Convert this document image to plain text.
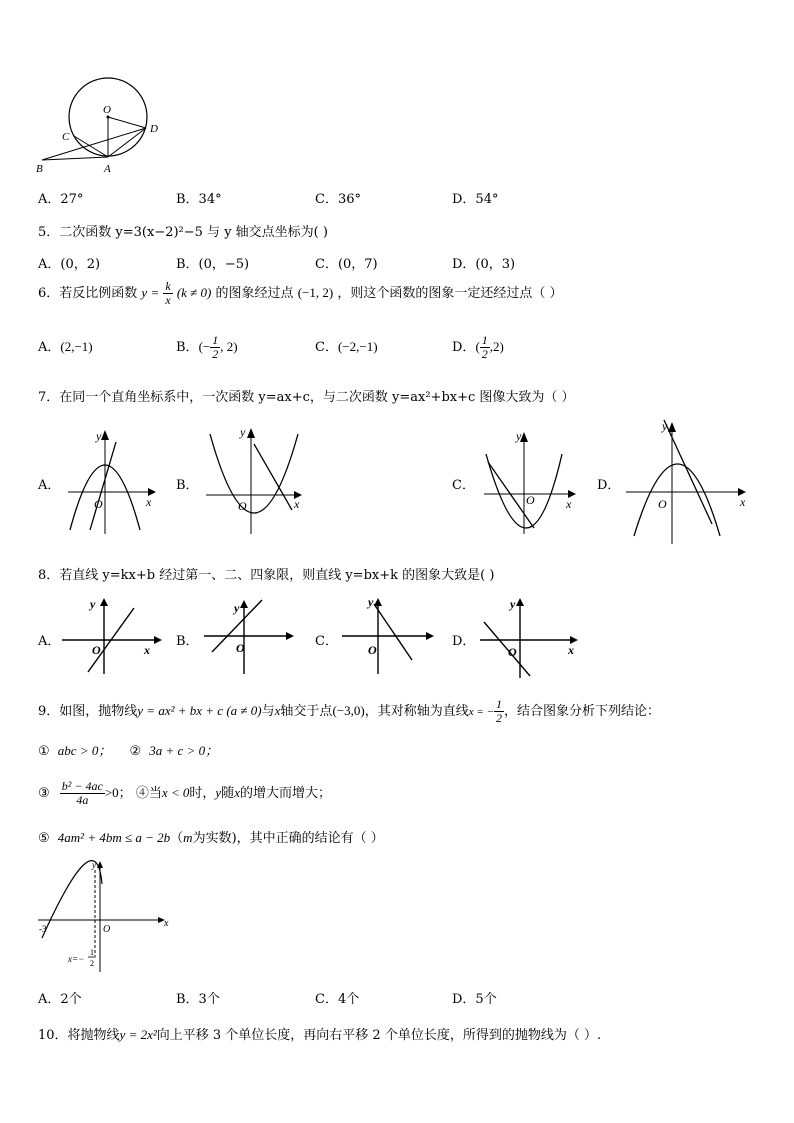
O
C
D
B	A
A．27°	B．34°	C．36°	D．54°
5．二次函数 y=3(x−2)²−5 与 y 轴交点坐标为( )
A．(0，2)	B．(0，−5)	C．(0，7)	D．(0，3)
6．若反比例函数 $y = \frac{k}{x} (k \ne 0)$ 的图象经过点 (−1, 2) ，则这个函数的图象一定还经过点（ ）
A．(2,−1)	B．(− $\frac{1}{2}$ , 2)	C．(−2,−1)	D．( $\frac{1}{2} ,2$)
7．在同一个直角坐标系中，一次函数 y=ax+c，与二次函数 y=ax²+bx+c 图像大致为（ ）
A．
y
x
O
B．
y
x
O
C．
y
x
O
D．
y
x
O
8．若直线 y=kx+b 经过第一、二、四象限，则直线 y=bx+k 的图象大致是( )
A．
y
x
O
B．
y
O	C．
y
O
D．
y
x
O
9．如图，抛物线y = ax² + bx + c (a ≠ 0)与x轴交于点(−3,0)，其对称轴为直线x = − $\frac{1}{2}$ ，结合图象分析下列结论：
① abc > 0； ② 3a + c > 0；
③ $\frac{\text{b² − 4ac}}{4a} >0$； ④当x < 0时，y随x的增大而增大；
⑤ 4am² + 4bm ≤ a − 2b（m为实数)，其中正确的结论有（ ）
y
x
O
-3
x=−
1
2
A．2个	B．3个	C．4个	D．5个
10．将抛物线y = 2x²向上平移 3 个单位长度，再向右平移 2 个单位长度，所得到的抛物线为（ ）.
